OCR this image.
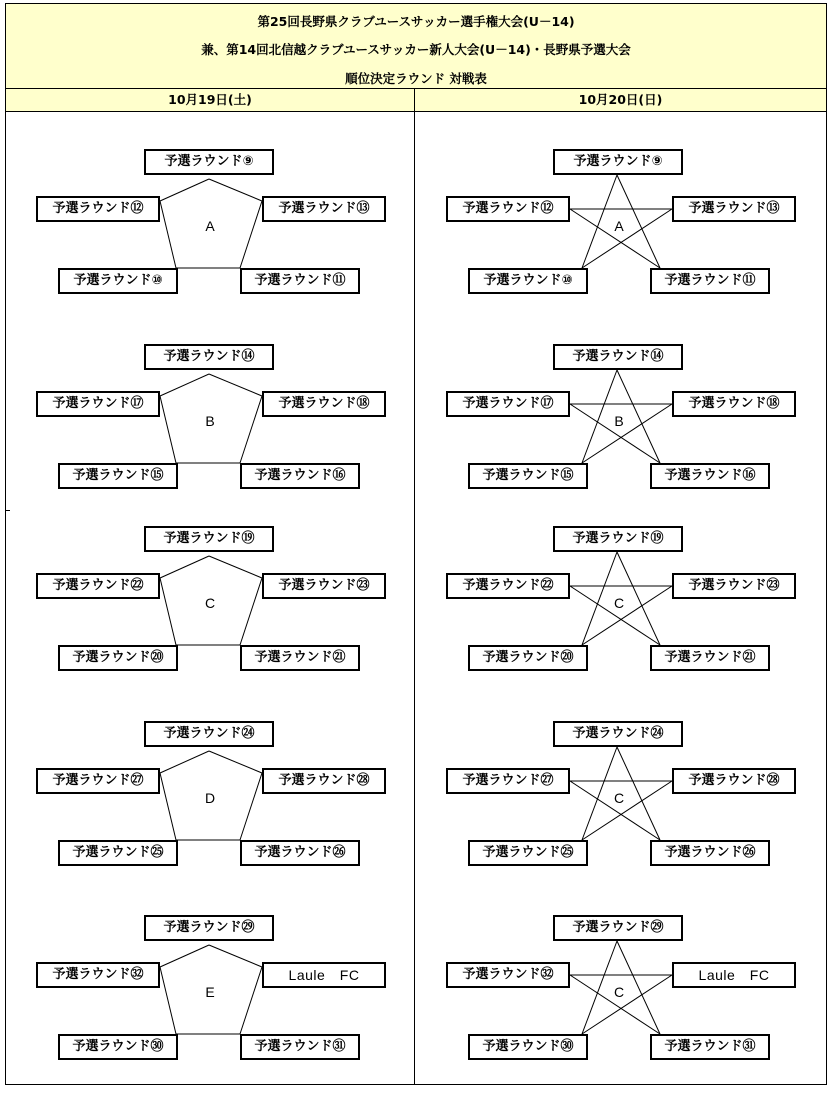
第25回長野県クラブユースサッカー選手権大会(U－14)
兼、第14回北信越クラブユースサッカー新人大会(U－14)・長野県予選大会
順位決定ラウンド 対戦表
10月19日(土)	10月20日(日)
予選ラウンド⑨
予選ラウンド⑫	予選ラウンド⑬
予選ラウンド⑩	予選ラウンド⑪
A
予選ラウンド⑨
予選ラウンド⑫	予選ラウンド⑬
予選ラウンド⑩	予選ラウンド⑪
A
予選ラウンド⑭
予選ラウンド⑰	予選ラウンド⑱
予選ラウンド⑮	予選ラウンド⑯
B
予選ラウンド⑭
予選ラウンド⑰	予選ラウンド⑱
予選ラウンド⑮	予選ラウンド⑯
B
予選ラウンド⑲
予選ラウンド㉒	予選ラウンド㉓
予選ラウンド⑳	予選ラウンド㉑
C
予選ラウンド⑲
予選ラウンド㉒	予選ラウンド㉓
予選ラウンド⑳	予選ラウンド㉑
C
予選ラウンド㉔
予選ラウンド㉗	予選ラウンド㉘
予選ラウンド㉕	予選ラウンド㉖
D
予選ラウンド㉔
予選ラウンド㉗	予選ラウンド㉘
予選ラウンド㉕	予選ラウンド㉖
C
予選ラウンド㉙
予選ラウンド㉜	Laule　FC
予選ラウンド㉚	予選ラウンド㉛
E
予選ラウンド㉙
予選ラウンド㉜	Laule　FC
予選ラウンド㉚	予選ラウンド㉛
C
